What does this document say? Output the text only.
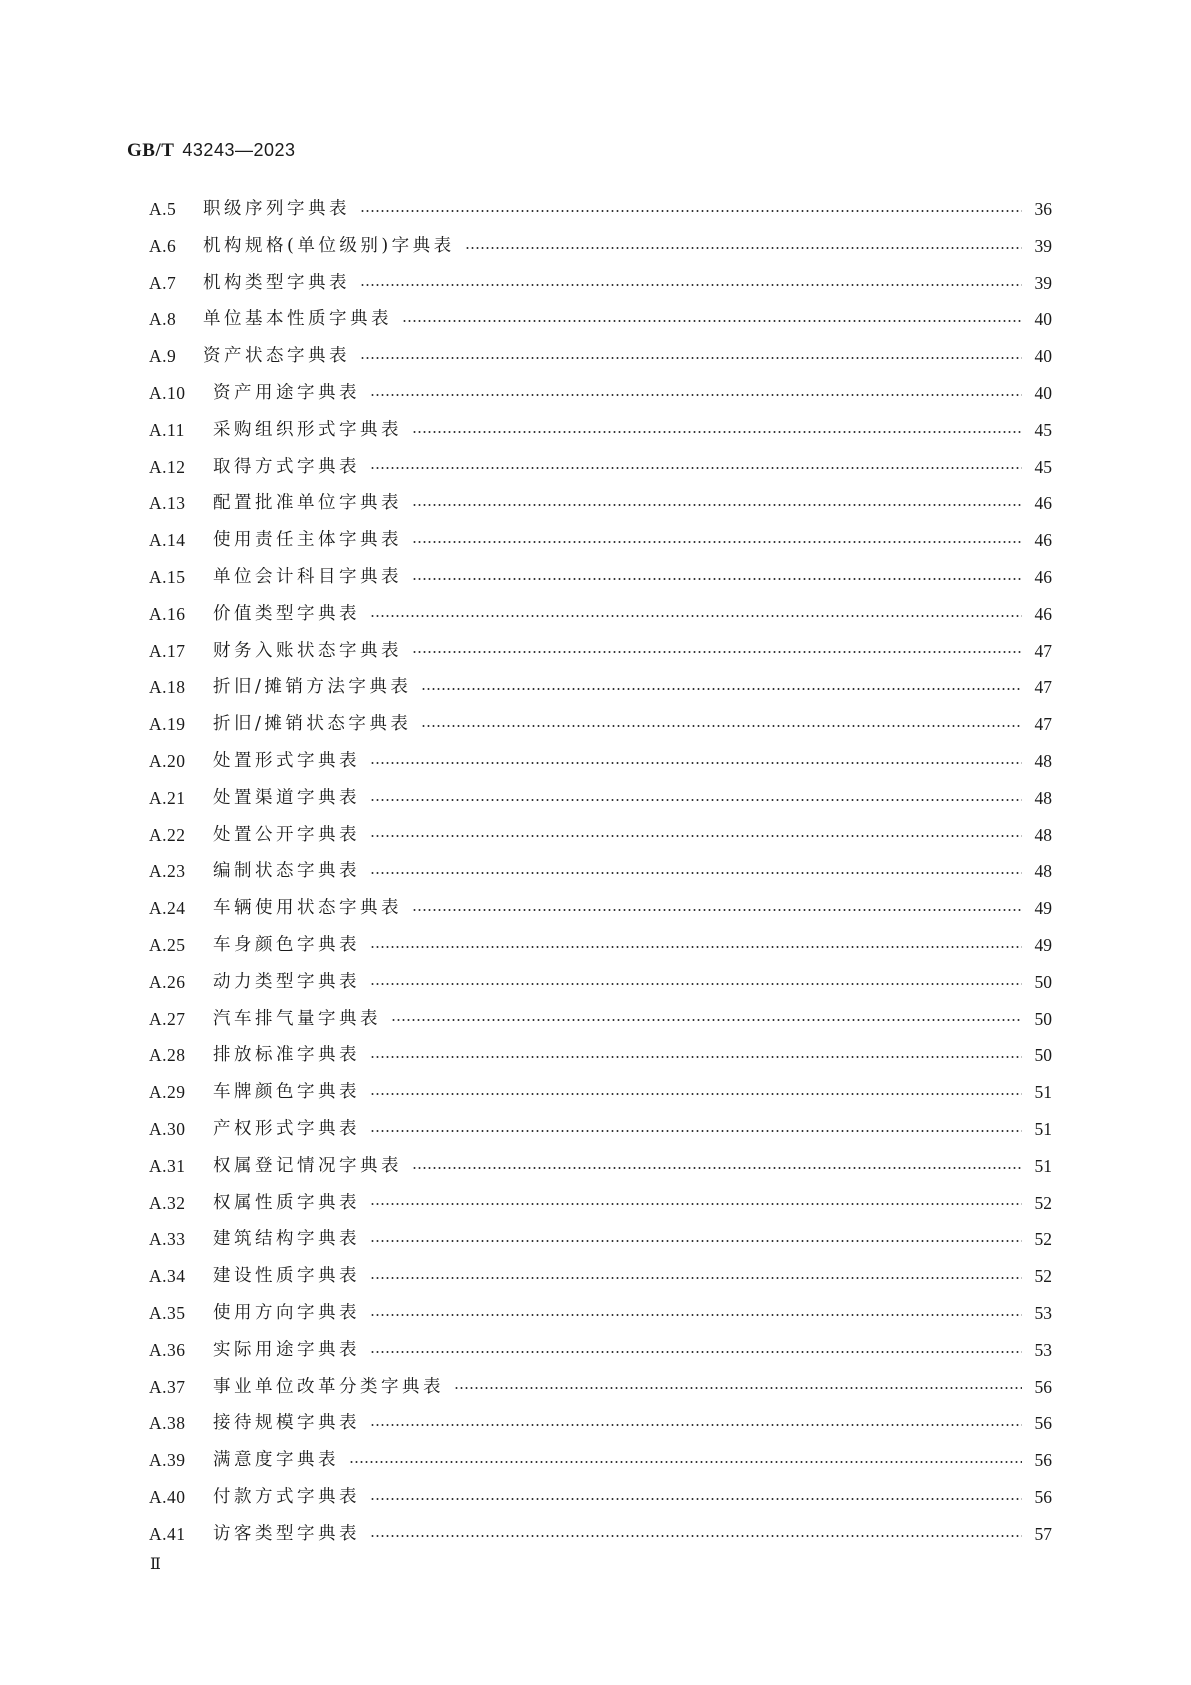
GB/T 43243—2023
A.5	职级序列字典表	36
A.6	机构规格(单位级别)字典表	39
A.7	机构类型字典表	39
A.8	单位基本性质字典表	40
A.9	资产状态字典表	40
A.10	资产用途字典表	40
A.11	采购组织形式字典表	45
A.12	取得方式字典表	45
A.13	配置批准单位字典表	46
A.14	使用责任主体字典表	46
A.15	单位会计科目字典表	46
A.16	价值类型字典表	46
A.17	财务入账状态字典表	47
A.18	折旧/摊销方法字典表	47
A.19	折旧/摊销状态字典表	47
A.20	处置形式字典表	48
A.21	处置渠道字典表	48
A.22	处置公开字典表	48
A.23	编制状态字典表	48
A.24	车辆使用状态字典表	49
A.25	车身颜色字典表	49
A.26	动力类型字典表	50
A.27	汽车排气量字典表	50
A.28	排放标准字典表	50
A.29	车牌颜色字典表	51
A.30	产权形式字典表	51
A.31	权属登记情况字典表	51
A.32	权属性质字典表	52
A.33	建筑结构字典表	52
A.34	建设性质字典表	52
A.35	使用方向字典表	53
A.36	实际用途字典表	53
A.37	事业单位改革分类字典表	56
A.38	接待规模字典表	56
A.39	满意度字典表	56
A.40	付款方式字典表	56
A.41	访客类型字典表	57
Ⅱ
